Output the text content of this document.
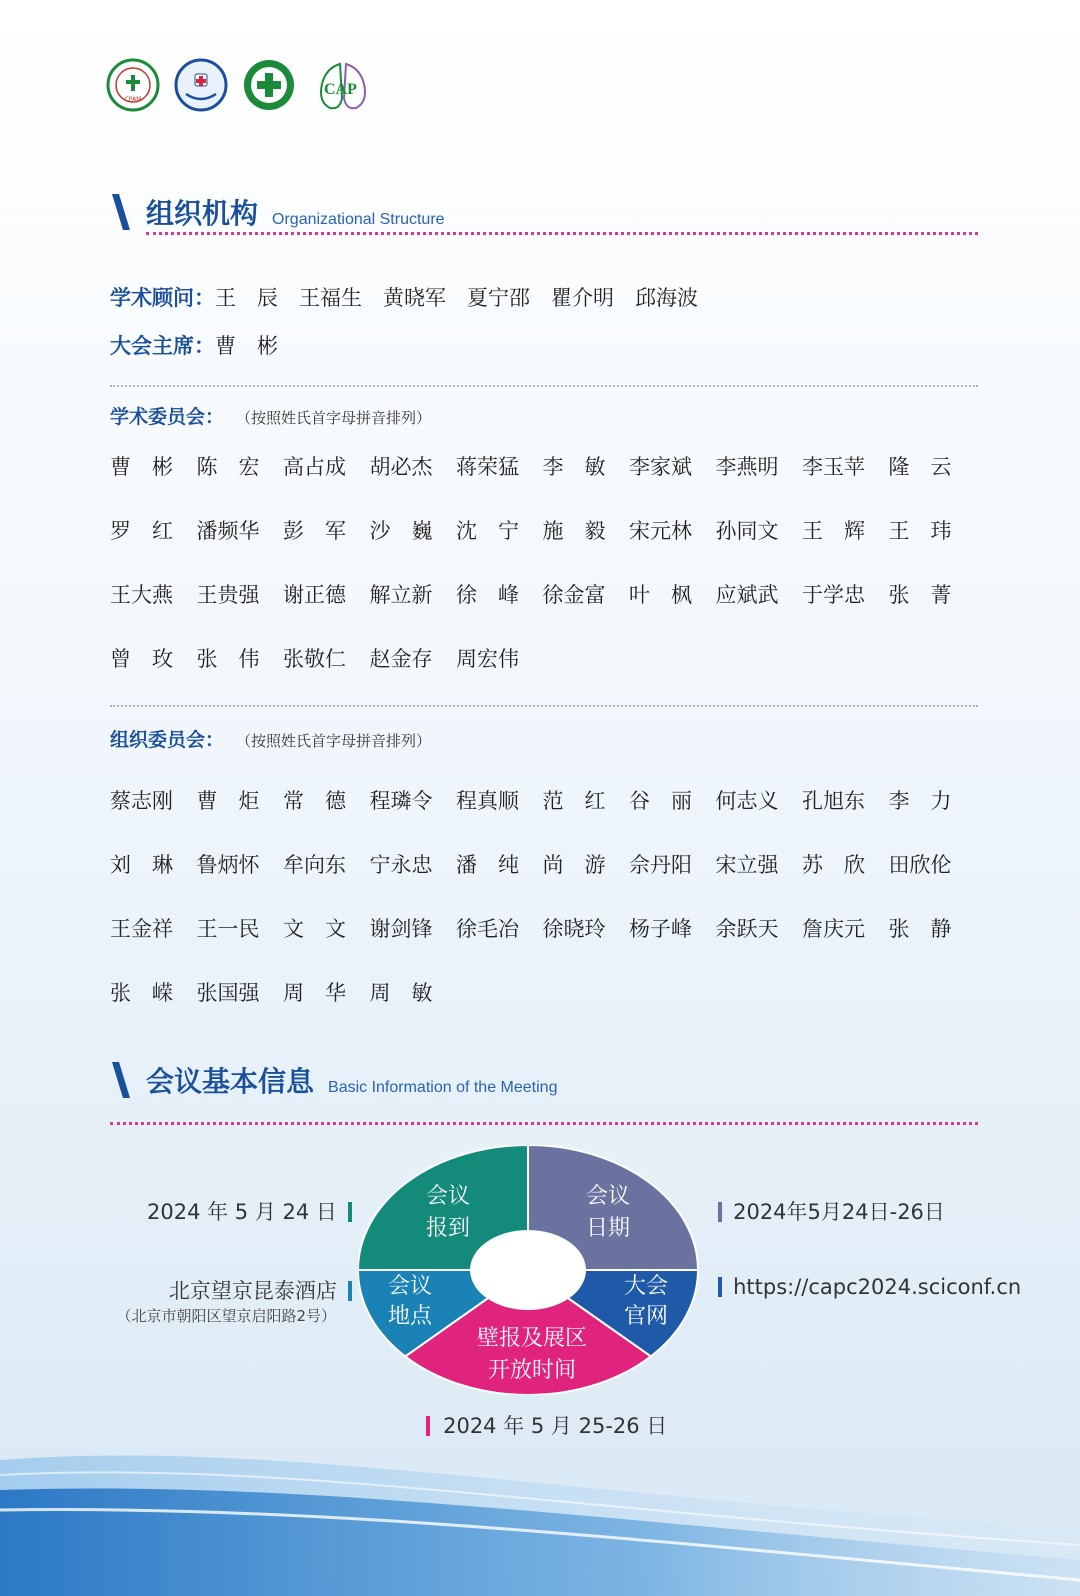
CPAM
CAP
组织机构 Organizational Structure
学术顾问： 王　辰　王福生　黄晓军　夏宁邵　瞿介明　邱海波
大会主席： 曹　彬
学术委员会： （按照姓氏首字母拼音排列）
曹　彬	陈　宏	高占成	胡必杰	蒋荣猛	李　敏	李家斌	李燕明	李玉苹	隆　云
罗　红	潘频华	彭　军	沙　巍	沈　宁	施　毅	宋元林	孙同文	王　辉	王　玮
王大燕	王贵强	谢正德	解立新	徐　峰	徐金富	叶　枫	应斌武	于学忠	张　菁
曾　玫	张　伟	张敬仁	赵金存	周宏伟
组织委员会： （按照姓氏首字母拼音排列）
蔡志刚	曹　炬	常　德	程璘令	程真顺	范　红	谷　丽	何志义	孔旭东	李　力
刘　琳	鲁炳怀	牟向东	宁永忠	潘　纯	尚　游	佘丹阳	宋立强	苏　欣	田欣伦
王金祥	王一民	文　文	谢剑锋	徐毛冶	徐晓玲	杨子峰	余跃天	詹庆元	张　静
张　嵘	张国强	周　华	周　敏
会议基本信息 Basic Information of the Meeting
2024 年 5 月 24 日
北京望京昆泰酒店
（北京市朝阳区望京启阳路2号）
2024年5月24日-26日
https://capc2024.sciconf.cn
2024 年 5 月 25-26 日
会议
报到
会议
日期
大会
官网
壁报及展区
开放时间
会议
地点
